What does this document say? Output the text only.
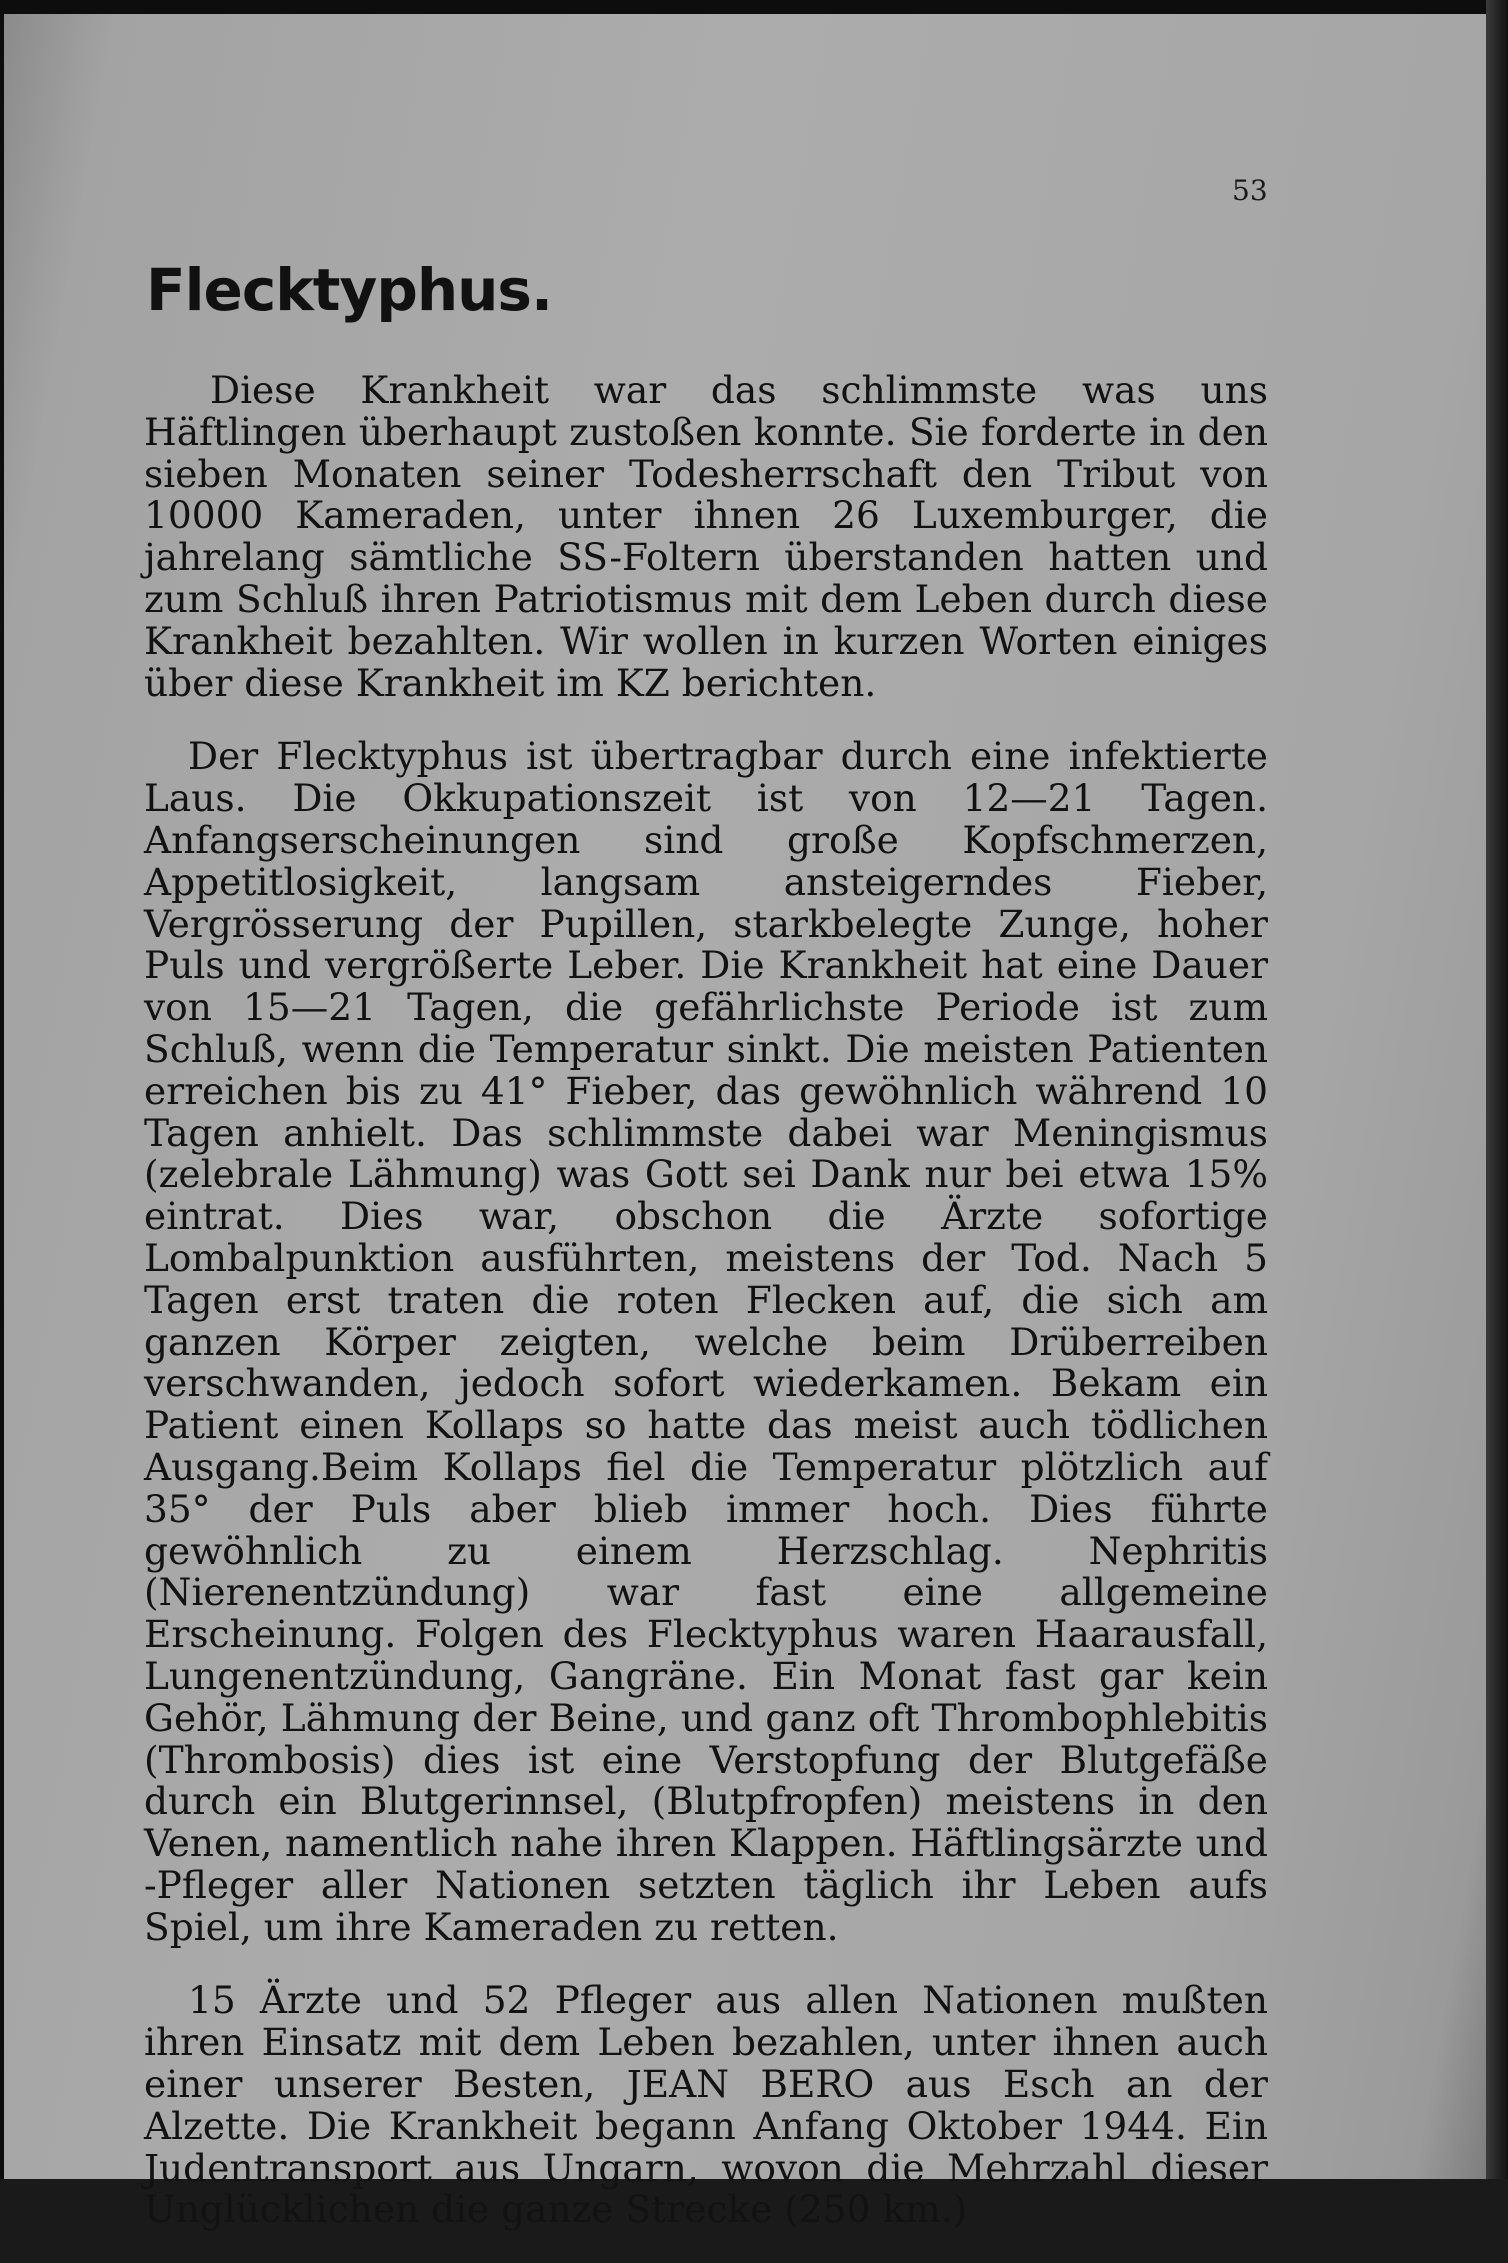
53

Flecktyphus.

Diese Krankheit war das schlimmste was uns Häftlingen überhaupt zustoßen konnte. Sie forderte in den sieben Monaten seiner Todesherrschaft den Tribut von 10000 Kameraden, unter ihnen 26 Luxemburger, die jahrelang sämtliche SS-Foltern überstanden hatten und zum Schluß ihren Patriotismus mit dem Leben durch diese Krankheit bezahlten. Wir wollen in kurzen Worten einiges über diese Krankheit im KZ berichten.

Der Flecktyphus ist übertragbar durch eine infektierte Laus. Die Okkupationszeit ist von 12—21 Tagen. Anfangserscheinungen sind große Kopfschmerzen, Appetitlosigkeit, langsam ansteigerndes Fieber, Vergrösserung der Pupillen, starkbelegte Zunge, hoher Puls und vergrößerte Leber. Die Krankheit hat eine Dauer von 15—21 Tagen, die gefährlichste Periode ist zum Schluß, wenn die Temperatur sinkt. Die meisten Patienten erreichen bis zu 41° Fieber, das gewöhnlich während 10 Tagen anhielt. Das schlimmste dabei war Meningismus (zelebrale Lähmung) was Gott sei Dank nur bei etwa 15% eintrat. Dies war, obschon die Ärzte sofortige Lombalpunktion ausführten, meistens der Tod. Nach 5 Tagen erst traten die roten Flecken auf, die sich am ganzen Körper zeigten, welche beim Drüberreiben verschwanden, jedoch sofort wiederkamen. Bekam ein Patient einen Kollaps so hatte das meist auch tödlichen Ausgang.Beim Kollaps fiel die Temperatur plötzlich auf 35° der Puls aber blieb immer hoch. Dies führte gewöhnlich zu einem Herzschlag. Nephritis (Nierenentzündung) war fast eine allgemeine Erscheinung. Folgen des Flecktyphus waren Haarausfall, Lungenentzündung, Gangräne. Ein Monat fast gar kein Gehör, Lähmung der Beine, und ganz oft Thrombophlebitis (Thrombosis) dies ist eine Verstopfung der Blutgefäße durch ein Blutgerinnsel, (Blutpfropfen) meistens in den Venen, namentlich nahe ihren Klappen. Häftlingsärzte und -Pfleger aller Nationen setzten täglich ihr Leben aufs Spiel, um ihre Kameraden zu retten.

15 Ärzte und 52 Pfleger aus allen Nationen mußten ihren Einsatz mit dem Leben bezahlen, unter ihnen auch einer unserer Besten, JEAN BERO aus Esch an der Alzette. Die Krankheit begann Anfang Oktober 1944. Ein Judentransport aus Ungarn, wovon die Mehrzahl dieser Unglücklichen die ganze Strecke (250 km.)
